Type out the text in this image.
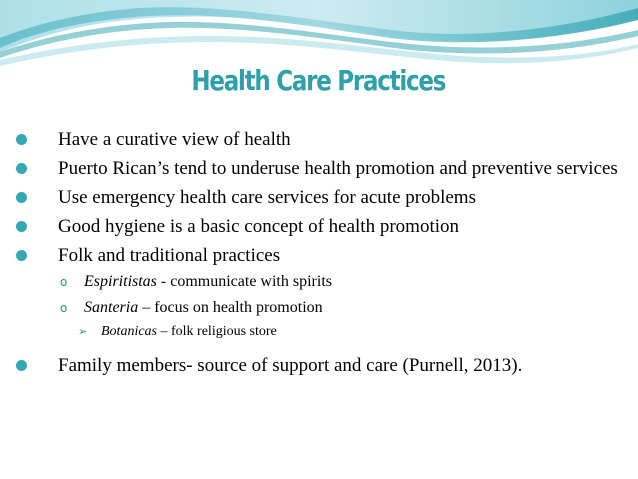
Health Care Practices
Have a curative view of health
Puerto Rican’s tend to underuse health promotion and preventive services
Use emergency health care services for acute problems
Good hygiene is a basic concept of health promotion
Folk and traditional practices
o Espiritistas - communicate with spirits
o Santeria – focus on health promotion
➢ Botanicas – folk religious store
Family members- source of support and care (Purnell, 2013).
